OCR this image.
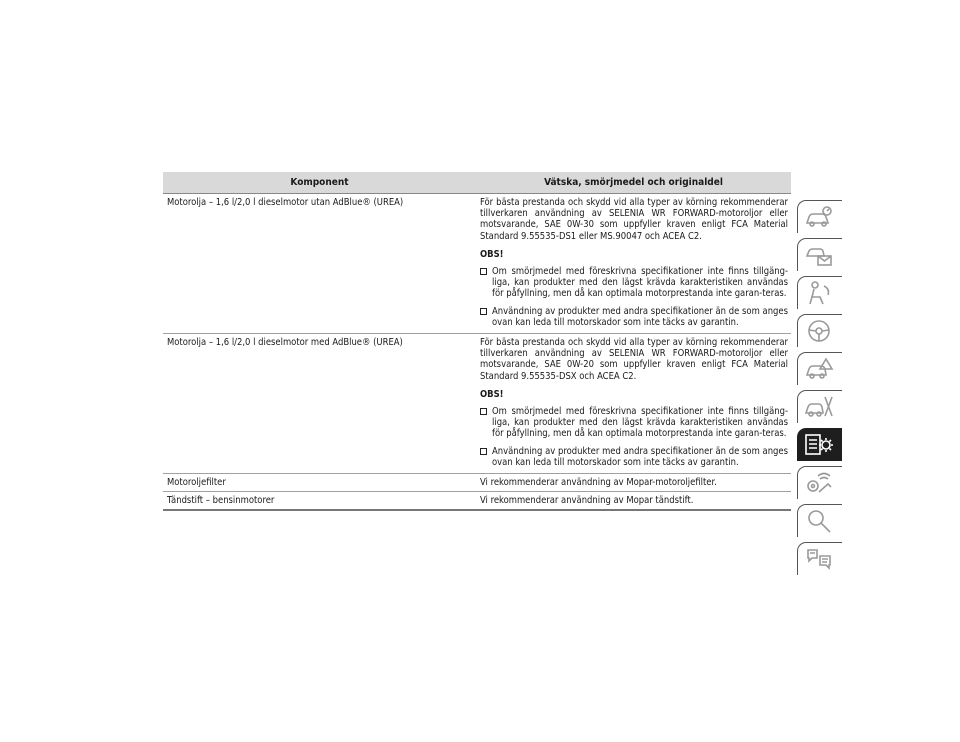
Komponent	Vätska, smörjmedel och originaldel
Motorolja – 1,6 l/2,0 l dieselmotor utan AdBlue® (UREA)	För bästa prestanda och skydd vid alla typer av körning rekommenderar tillverkaren användning av SELENIA WR FORWARD-motoroljor eller motsvarande, SAE 0W-30 som uppfyller kraven enligt FCA Material Standard 9.55535-DS1 eller MS.90047 och ACEA C2.

OBS!

Om smörjmedel med föreskrivna specifikationer inte finns tillgäng-liga, kan produkter med den lägst krävda karakteristiken användas för påfyllning, men då kan optimala motorprestanda inte garan-teras.

Användning av produkter med andra specifikationer än de som anges ovan kan leda till motorskador som inte täcks av garantin.

Motorolja – 1,6 l/2,0 l dieselmotor med AdBlue® (UREA)	För bästa prestanda och skydd vid alla typer av körning rekommenderar tillverkaren användning av SELENIA WR FORWARD-motoroljor eller motsvarande, SAE 0W-20 som uppfyller kraven enligt FCA Material Standard 9.55535-DSX och ACEA C2.

OBS!

Om smörjmedel med föreskrivna specifikationer inte finns tillgäng-liga, kan produkter med den lägst krävda karakteristiken användas för påfyllning, men då kan optimala motorprestanda inte garan-teras.

Användning av produkter med andra specifikationer än de som anges ovan kan leda till motorskador som inte täcks av garantin.

Motoroljefilter	Vi rekommenderar användning av Mopar-motoroljefilter.
Tändstift – bensinmotorer	Vi rekommenderar användning av Mopar tändstift.
